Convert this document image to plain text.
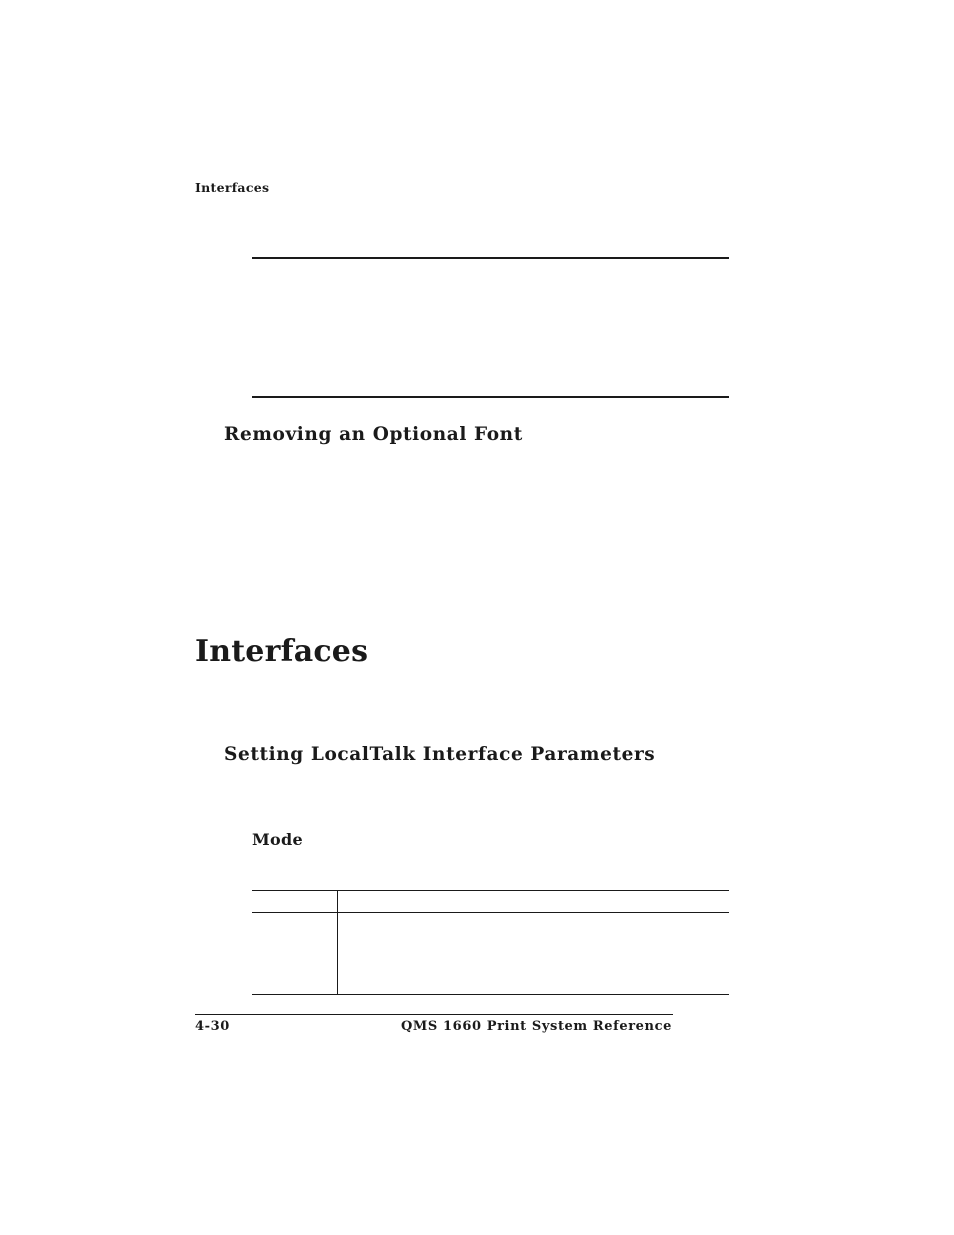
Interfaces
Removing an Optional Font
Interfaces
Setting LocalTalk Interface Parameters
Mode
4-30	QMS 1660 Print System Reference
